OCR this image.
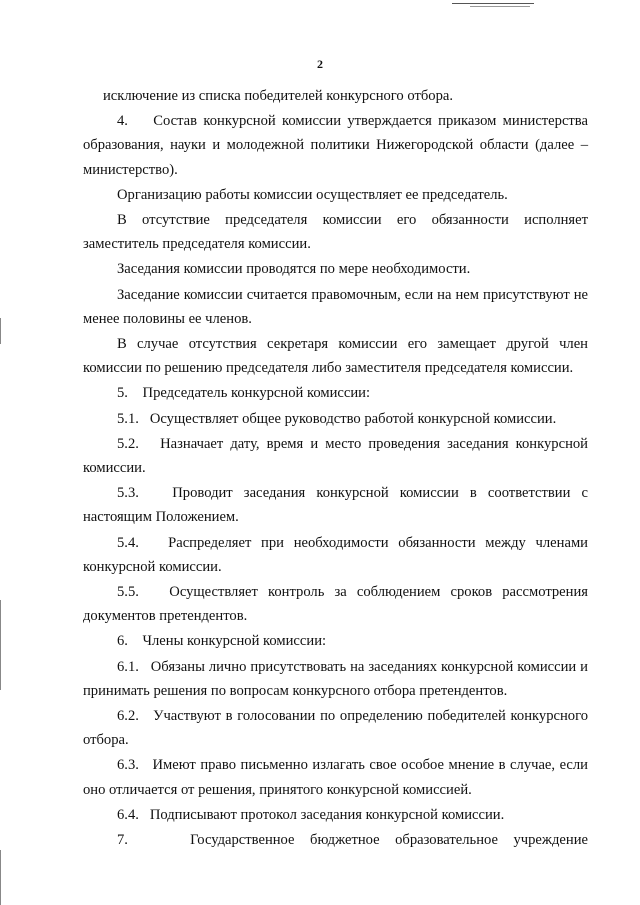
2

исключение из списка победителей конкурсного отбора.

4.    Состав конкурсной комиссии утверждается приказом министерства образования, науки и молодежной политики Нижегородской области (далее – министерство).

Организацию работы комиссии осуществляет ее председатель.

В отсутствие председателя комиссии его обязанности исполняет заместитель председателя комиссии.

Заседания комиссии проводятся по мере необходимости.

Заседание комиссии считается правомочным, если на нем присутствуют не менее половины ее членов.

В случае отсутствия секретаря комиссии его замещает другой член комиссии по решению председателя либо заместителя председателя комиссии.

5.    Председатель конкурсной комиссии:

5.1.   Осуществляет общее руководство работой конкурсной комиссии.

5.2.   Назначает дату, время и место проведения заседания конкурсной комиссии.

5.3.   Проводит заседания конкурсной комиссии в соответствии с настоящим Положением.

5.4.   Распределяет при необходимости обязанности между членами конкурсной комиссии.

5.5.   Осуществляет контроль за соблюдением сроков рассмотрения документов претендентов.

6.    Члены конкурсной комиссии:

6.1.   Обязаны лично присутствовать на заседаниях конкурсной комиссии и принимать решения по вопросам конкурсного отбора претендентов.

6.2.   Участвуют в голосовании по определению победителей конкурсного отбора.

6.3.   Имеют право письменно излагать свое особое мнение в случае, если оно отличается от решения, принятого конкурсной комиссией.

6.4.   Подписывают протокол заседания конкурсной комиссии.

7.    Государственное бюджетное образовательное учреждение
